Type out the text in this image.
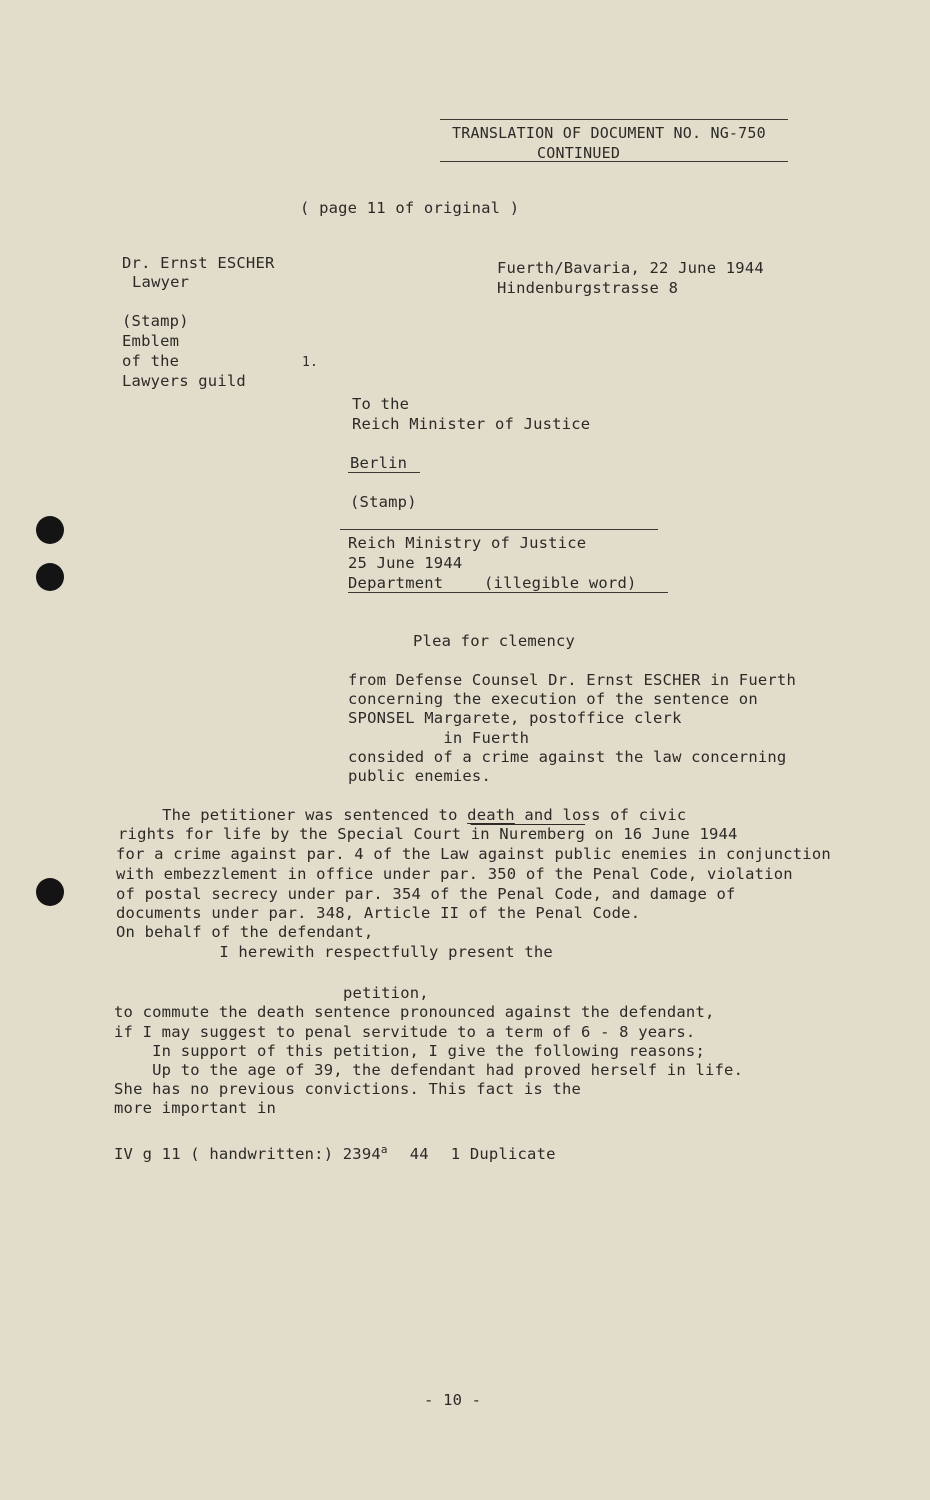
TRANSLATION OF DOCUMENT NO. NG-750
CONTINUED
( page 11 of original )
Dr. Ernst ESCHER
Lawyer
(Stamp)
Emblem
of the
Lawyers guild
1.
Fuerth/Bavaria, 22 June 1944
Hindenburgstrasse 8
To the
Reich Minister of Justice
Berlin
(Stamp)
Reich Ministry of Justice
25 June 1944
Department	(illegible word)
Plea for clemency
from Defense Counsel Dr. Ernst ESCHER in Fuerth
concerning the execution of the sentence on
SPONSEL Margarete, postoffice clerk
in Fuerth
consided of a crime against the law concerning
public enemies.
The petitioner was sentenced to death and loss of civic
rights for life by the Special Court in Nuremberg on 16 June 1944
for a crime against par. 4 of the Law against public enemies in conjunction
with embezzlement in office under par. 350 of the Penal Code, violation
of postal secrecy under par. 354 of the Penal Code, and damage of
documents under par. 348, Article II of the Penal Code.
On behalf of the defendant,
I herewith respectfully present the
petition,
to commute the death sentence pronounced against the defendant,
if I may suggest to penal servitude to a term of 6 - 8 years.
In support of this petition, I give the following reasons;
Up to the age of 39, the defendant had proved herself in life.
She has no previous convictions. This fact is the
more important in
IV g 11 ( handwritten:) 2394$^a$ 44 1 Duplicate
- 10 -
